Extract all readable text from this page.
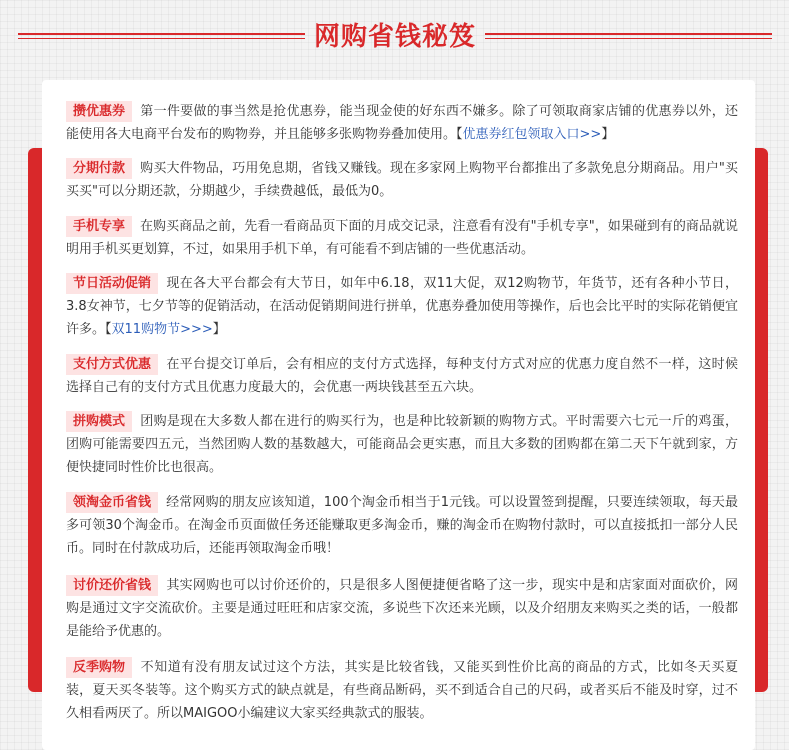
网购省钱秘笈
攒优惠券 第一件要做的事当然是抢优惠券，能当现金使的好东西不嫌多。除了可领取商家店铺的优惠券以外，还能使用各大电商平台发布的购物券，并且能够多张购物券叠加使用。【优惠券红包领取入口>>】
分期付款 购买大件物品，巧用免息期，省钱又赚钱。现在多家网上购物平台都推出了多款免息分期商品。用户"买买买"可以分期还款，分期越少，手续费越低，最低为0。
手机专享 在购买商品之前，先看一看商品页下面的月成交记录，注意看有没有"手机专享"，如果碰到有的商品就说明用手机买更划算，不过，如果用手机下单，有可能看不到店铺的一些优惠活动。
节日活动促销 现在各大平台都会有大节日，如年中6.18，双11大促，双12购物节，年货节，还有各种小节日，3.8女神节，七夕节等的促销活动，在活动促销期间进行拼单，优惠券叠加使用等操作，后也会比平时的实际花销便宜许多。【双11购物节>>>】
支付方式优惠 在平台提交订单后，会有相应的支付方式选择，每种支付方式对应的优惠力度自然不一样，这时候选择自己有的支付方式且优惠力度最大的，会优惠一两块钱甚至五六块。
拼购模式 团购是现在大多数人都在进行的购买行为，也是种比较新颖的购物方式。平时需要六七元一斤的鸡蛋，团购可能需要四五元，当然团购人数的基数越大，可能商品会更实惠，而且大多数的团购都在第二天下午就到家，方便快捷同时性价比也很高。
领淘金币省钱 经常网购的朋友应该知道，100个淘金币相当于1元钱。可以设置签到提醒，只要连续领取，每天最多可领30个淘金币。在淘金币页面做任务还能赚取更多淘金币，赚的淘金币在购物付款时，可以直接抵扣一部分人民币。同时在付款成功后，还能再领取淘金币哦！
讨价还价省钱 其实网购也可以讨价还价的，只是很多人图便捷便省略了这一步，现实中是和店家面对面砍价，网购是通过文字交流砍价。主要是通过旺旺和店家交流，多说些下次还来光顾，以及介绍朋友来购买之类的话，一般都是能给予优惠的。
反季购物 不知道有没有朋友试过这个方法，其实是比较省钱，又能买到性价比高的商品的方式，比如冬天买夏装，夏天买冬装等。这个购买方式的缺点就是，有些商品断码，买不到适合自己的尺码，或者买后不能及时穿，过不久相看两厌了。所以MAIGOO小编建议大家买经典款式的服装。
